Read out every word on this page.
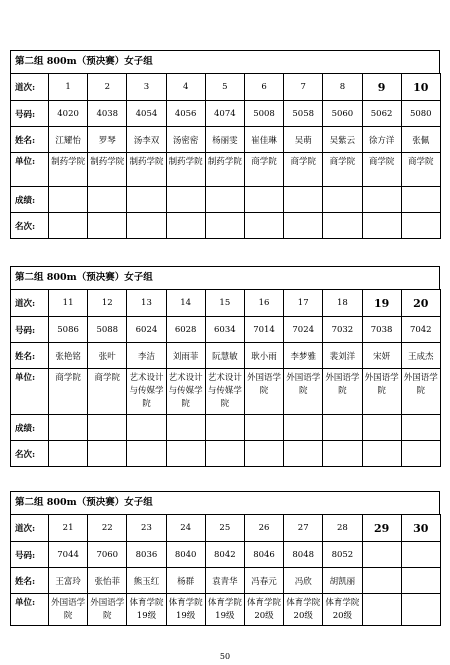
第二组 800m（预决赛）女子组
道次:	1	2	3	4	5	6	7	8	9	10
号码:	4020	4038	4054	4056	4074	5008	5058	5060	5062	5080
姓名:	江耀怡	罗琴	汤李双	汤密密	杨丽雯	崔佳琳	吴萌	吴紫云	徐方洋	张佩
单位:	制药学院	制药学院	制药学院	制药学院	制药学院	商学院	商学院	商学院	商学院	商学院
成绩:										
名次:										
第二组 800m（预决赛）女子组
道次:	11	12	13	14	15	16	17	18	19	20
号码:	5086	5088	6024	6028	6034	7014	7024	7032	7038	7042
姓名:	张艳铭	张叶	李洁	刘雨菲	阮慧敏	耿小雨	李梦雅	裴刘洋	宋妍	王成杰
单位:	商学院	商学院	艺术设计与传媒学院	艺术设计与传媒学院	艺术设计与传媒学院	外国语学院	外国语学院	外国语学院	外国语学院	外国语学院
成绩:										
名次:										
第二组 800m（预决赛）女子组
道次:	21	22	23	24	25	26	27	28	29	30
号码:	7044	7060	8036	8040	8042	8046	8048	8052		
姓名:	王富玲	张怡菲	熊玉红	杨群	袁青华	冯春元	冯欣	胡凯丽		
单位:	外国语学院	外国语学院	体育学院19级	体育学院19级	体育学院19级	体育学院20级	体育学院20级	体育学院20级		
50
